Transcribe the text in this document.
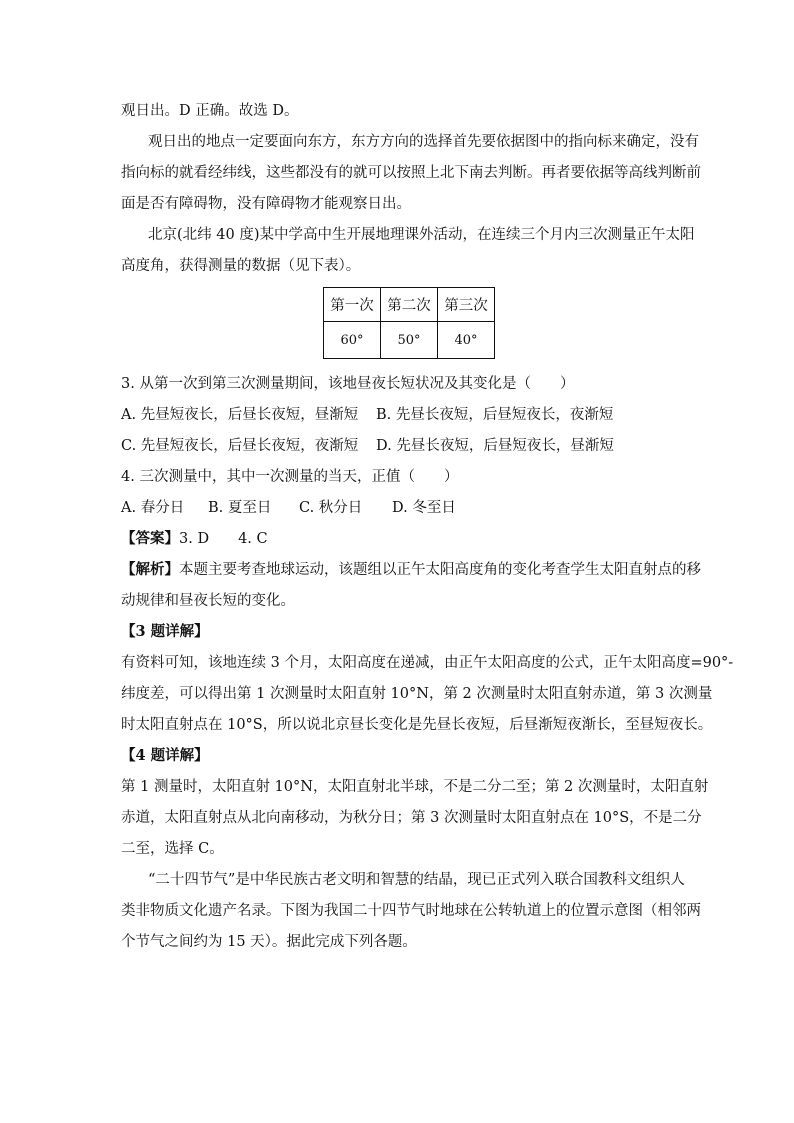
观日出。D 正确。故选 D。
观日出的地点一定要面向东方，东方方向的选择首先要依据图中的指向标来确定，没有
指向标的就看经纬线，这些都没有的就可以按照上北下南去判断。再者要依据等高线判断前
面是否有障碍物，没有障碍物才能观察日出。
北京(北纬 40 度)某中学高中生开展地理课外活动，在连续三个月内三次测量正午太阳
高度角，获得测量的数据（见下表）。
第一次	第二次	第三次
60°	50°	40°
3. 从第一次到第三次测量期间，该地昼夜长短状况及其变化是（　　）
A. 先昼短夜长，后昼长夜短，昼渐短 B. 先昼长夜短，后昼短夜长，夜渐短
C. 先昼短夜长，后昼长夜短，夜渐短 D. 先昼长夜短，后昼短夜长，昼渐短
4. 三次测量中，其中一次测量的当天，正值（　　）
A. 春分日 B. 夏至日 C. 秋分日 D. 冬至日
【答案】3. D　　4. C
【解析】本题主要考查地球运动，该题组以正午太阳高度角的变化考查学生太阳直射点的移
动规律和昼夜长短的变化。
【3 题详解】
有资料可知，该地连续 3 个月，太阳高度在递减，由正午太阳高度的公式，正午太阳高度=90°-
纬度差，可以得出第 1 次测量时太阳直射 10°N，第 2 次测量时太阳直射赤道，第 3 次测量
时太阳直射点在 10°S，所以说北京昼长变化是先昼长夜短，后昼渐短夜渐长，至昼短夜长。
【4 题详解】
第 1 测量时，太阳直射 10°N，太阳直射北半球，不是二分二至；第 2 次测量时，太阳直射
赤道，太阳直射点从北向南移动，为秋分日；第 3 次测量时太阳直射点在 10°S，不是二分
二至，选择 C。
“二十四节气”是中华民族古老文明和智慧的结晶，现已正式列入联合国教科文组织人
类非物质文化遗产名录。下图为我国二十四节气时地球在公转轨道上的位置示意图（相邻两
个节气之间约为 15 天）。据此完成下列各题。
